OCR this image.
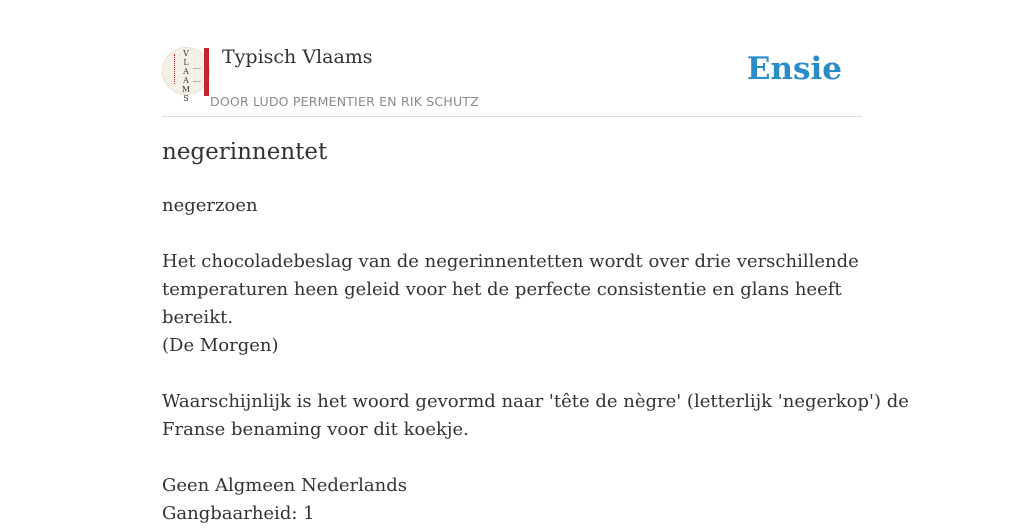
V
L
A
A
M
S
Typisch Vlaams
DOOR LUDO PERMENTIER EN RIK SCHUTZ
Ensie
negerinnentet
negerzoen
Het chocoladebeslag van de negerinnentetten wordt over drie verschillende
temperaturen heen geleid voor het de perfecte consistentie en glans heeft
bereikt.
(De Morgen)
Waarschijnlijk is het woord gevormd naar 'tête de nègre' (letterlijk 'negerkop') de
Franse benaming voor dit koekje.
Geen Algmeen Nederlands
Gangbaarheid: 1
